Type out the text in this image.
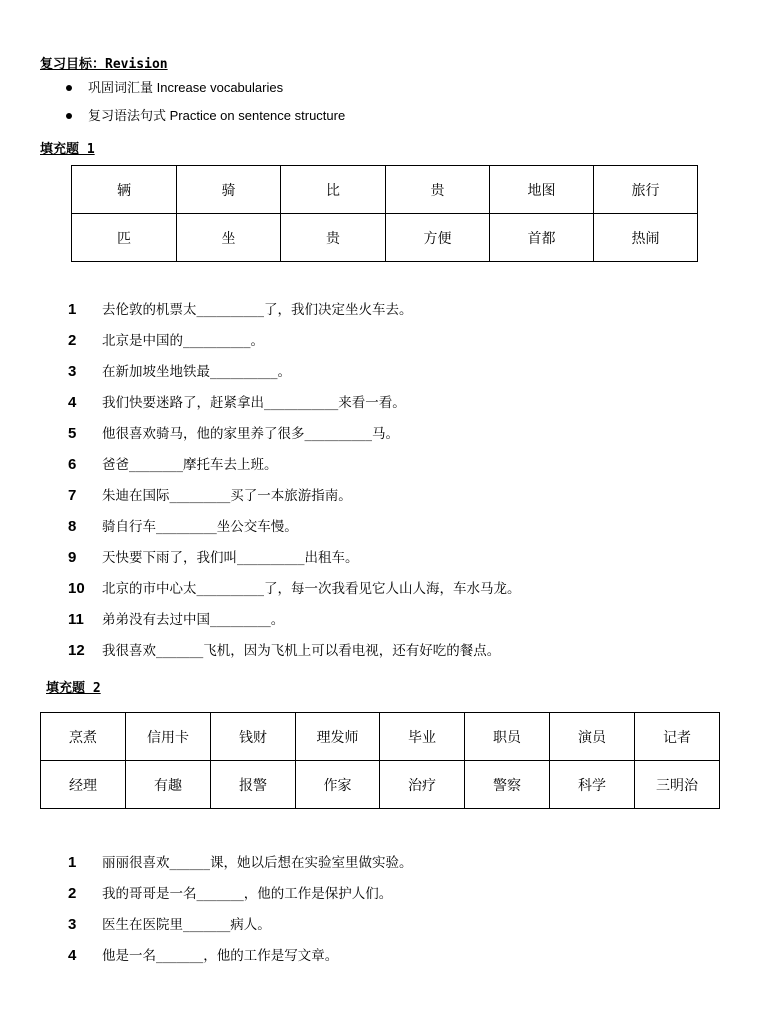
复习目标：Revision
巩固词汇量 Increase vocabularies
复习语法句式 Practice on sentence structure
填充题 1
辆	骑	比	贵	地图	旅行
匹	坐	贵	方便	首都	热闹
1 去伦敦的机票太__________了，我们决定坐火车去。
2 北京是中国的__________。
3 在新加坡坐地铁最__________。
4 我们快要迷路了，赶紧拿出___________来看一看。
5 他很喜欢骑马，他的家里养了很多__________马。
6 爸爸________摩托车去上班。
7 朱迪在国际_________买了一本旅游指南。
8 骑自行车_________坐公交车慢。
9 天快要下雨了，我们叫__________出租车。
10 北京的市中心太__________了，每一次我看见它人山人海，车水马龙。
11 弟弟没有去过中国_________。
12 我很喜欢_______飞机，因为飞机上可以看电视，还有好吃的餐点。
填充题 2
烹煮	信用卡	钱财	理发师	毕业	职员	演员	记者
经理	有趣	报警	作家	治疗	警察	科学	三明治
1 丽丽很喜欢______课，她以后想在实验室里做实验。
2 我的哥哥是一名_______，他的工作是保护人们。
3 医生在医院里_______病人。
4 他是一名_______，他的工作是写文章。
